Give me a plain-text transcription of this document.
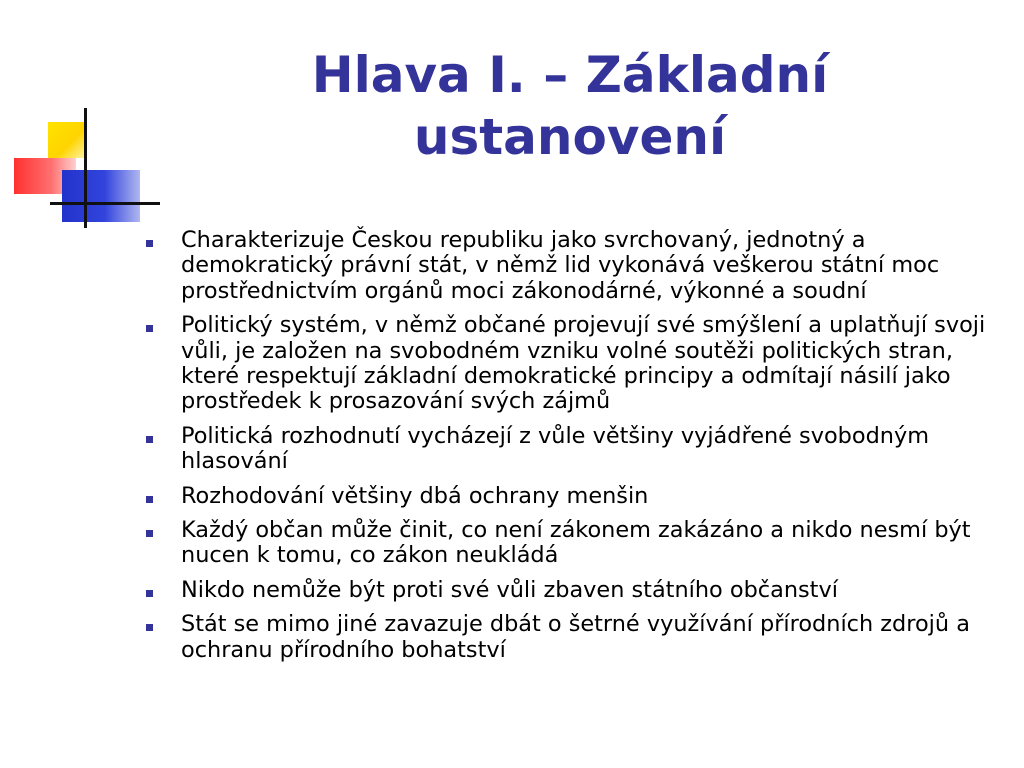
Hlava I. – Základní ustanovení
Charakterizuje Českou republiku jako svrchovaný, jednotný a demokratický právní stát, v němž lid vykonává veškerou státní moc prostřednictvím orgánů moci zákonodárné, výkonné a soudní
Politický systém, v němž občané projevují své smýšlení a uplatňují svoji vůli, je založen na svobodném vzniku volné soutěži politických stran, které respektují základní demokratické principy a odmítají násilí jako prostředek k prosazování svých zájmů
Politická rozhodnutí vycházejí z vůle většiny vyjádřené svobodným hlasování
Rozhodování většiny dbá ochrany menšin
Každý občan může činit, co není zákonem zakázáno a nikdo nesmí být nucen k tomu, co zákon neukládá
Nikdo nemůže být proti své vůli zbaven státního občanství
Stát se mimo jiné zavazuje dbát o šetrné využívání přírodních zdrojů a ochranu přírodního bohatství
